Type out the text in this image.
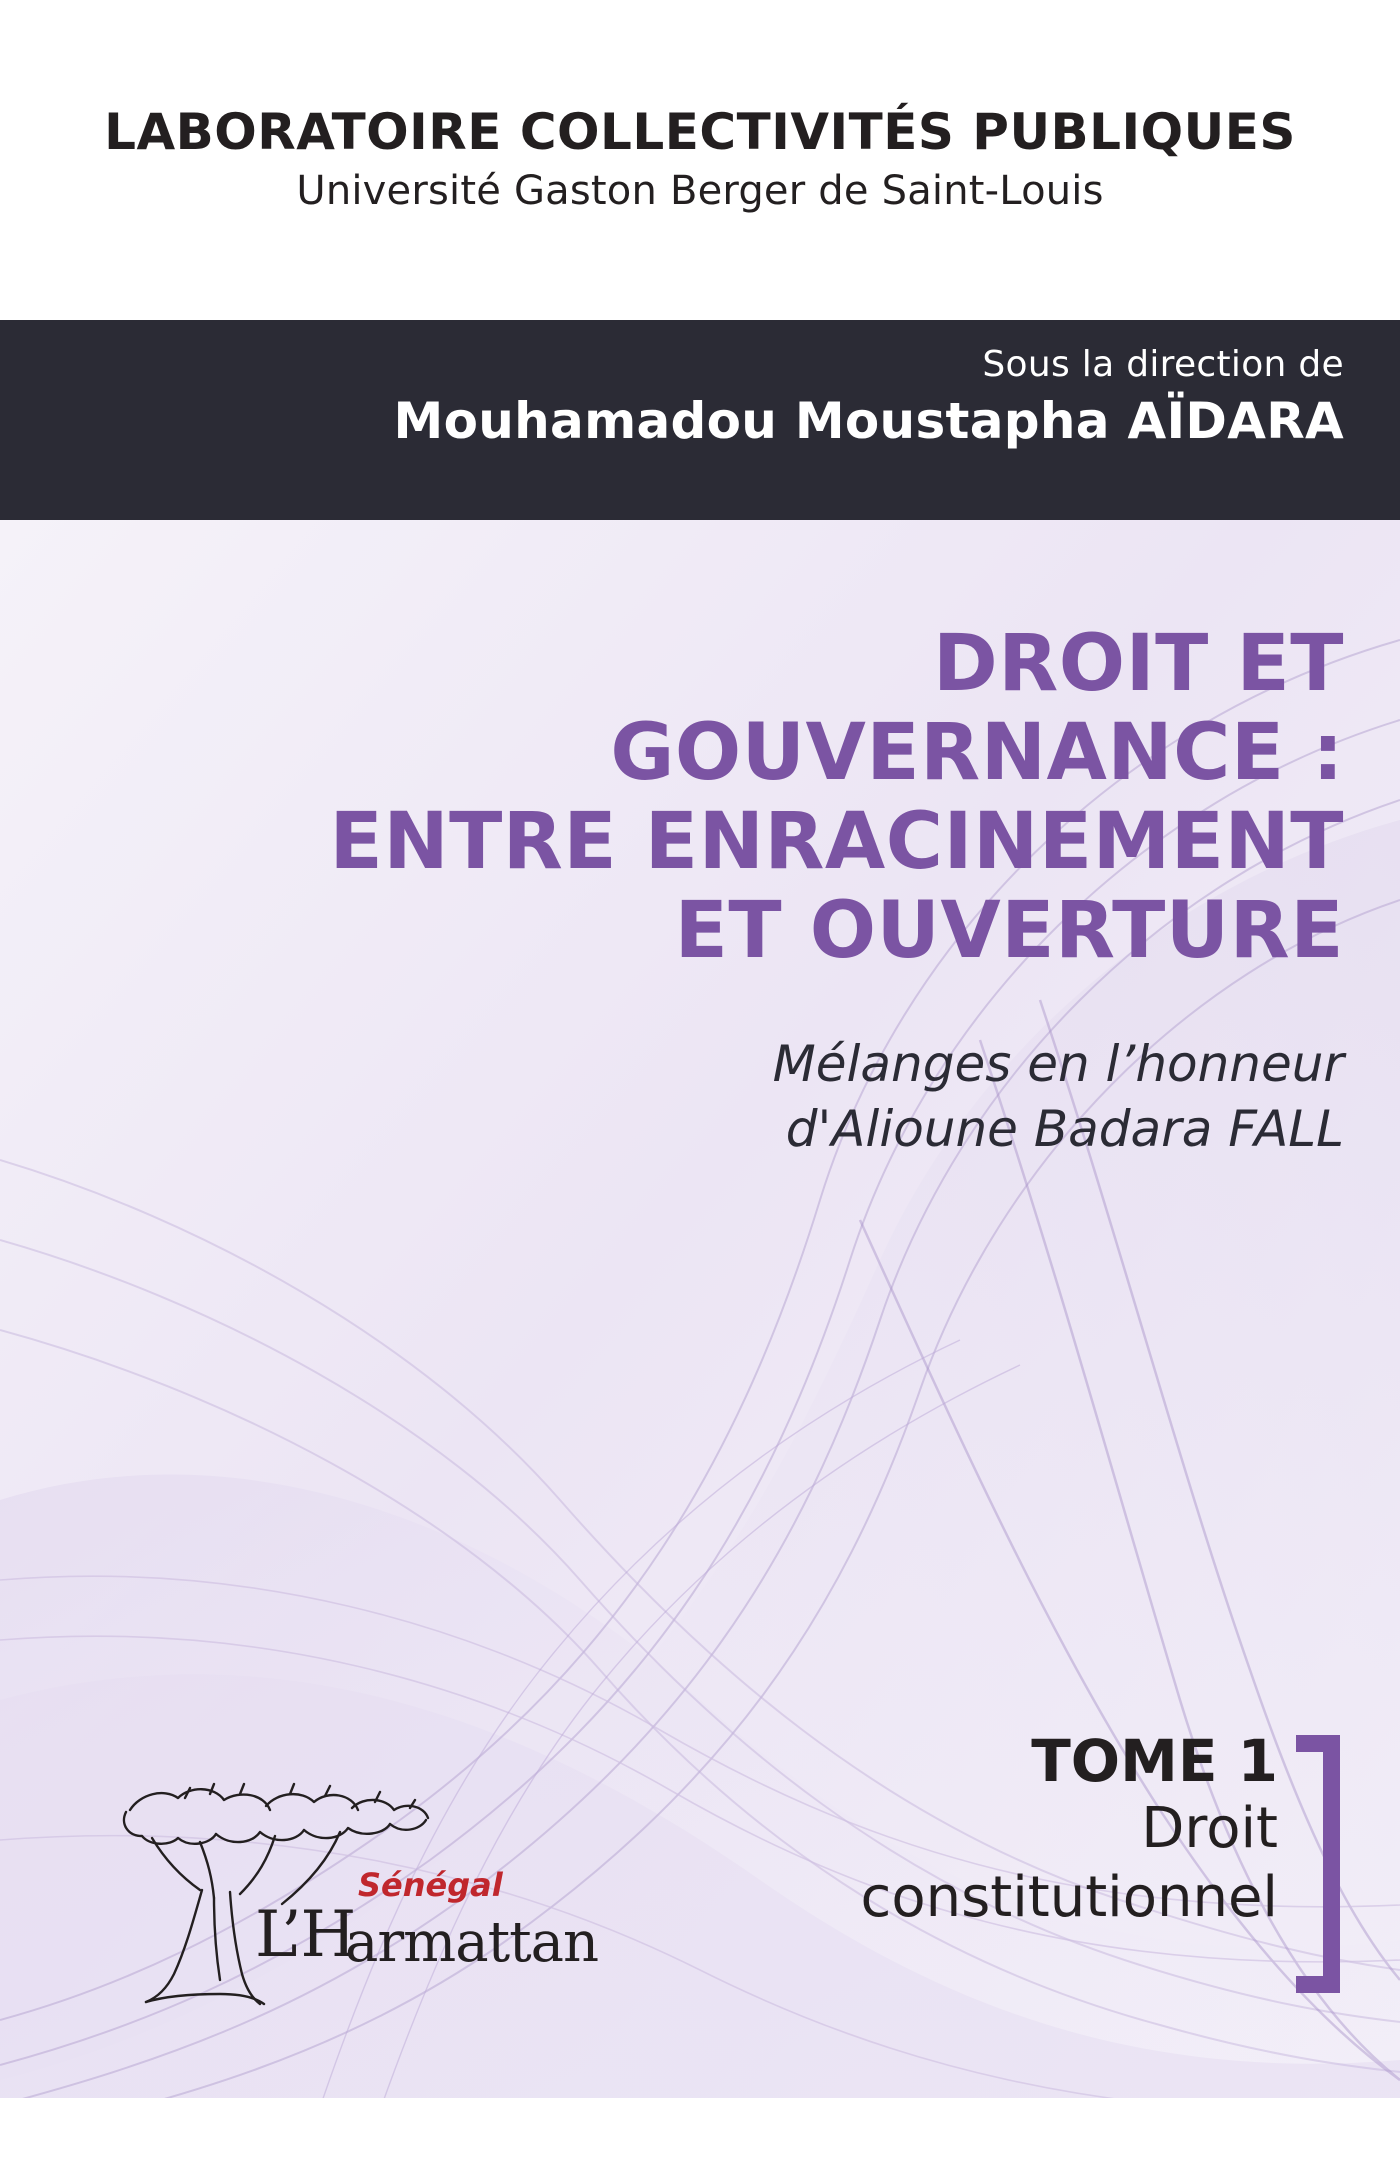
LABORATOIRE COLLECTIVITÉS PUBLIQUES
Université Gaston Berger de Saint-Louis
Sous la direction de
Mouhamadou Moustapha AÏDARA
DROIT ET
GOUVERNANCE :
ENTRE ENRACINEMENT
ET OUVERTURE
Mélanges en l’honneur
d'Alioune Badara FALL
TOME 1
Droit
constitutionnel
Sénégal
L’H
armattan
